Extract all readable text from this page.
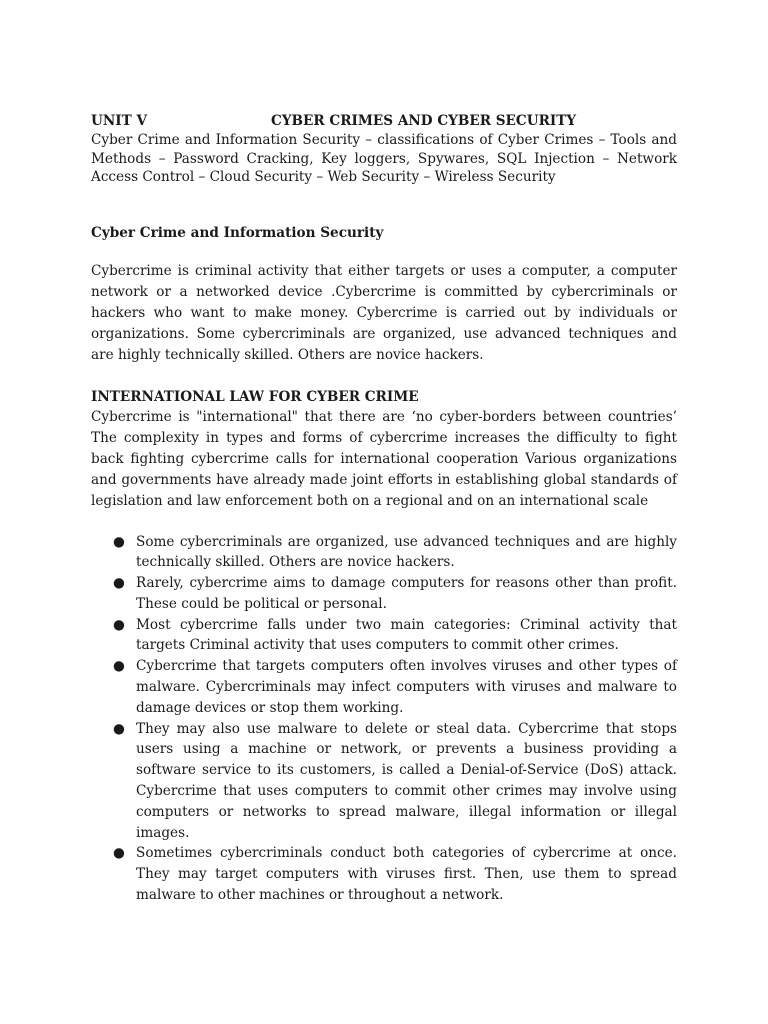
UNIT V	CYBER CRIMES AND CYBER SECURITY

Cyber Crime and Information Security – classifications of Cyber Crimes – Tools and Methods – Password Cracking, Key loggers, Spywares, SQL Injection – Network Access Control – Cloud Security – Web Security – Wireless Security

Cyber Crime and Information Security

Cybercrime is criminal activity that either targets or uses a computer, a computer network or a networked device .Cybercrime is committed by cybercriminals or hackers who want to make money. Cybercrime is carried out by individuals or organizations. Some cybercriminals are organized, use advanced techniques and are highly technically skilled. Others are novice hackers.

INTERNATIONAL LAW FOR CYBER CRIME

Cybercrime is "international" that there are ‘no cyber-borders between countries’ The complexity in types and forms of cybercrime increases the difficulty to fight back fighting cybercrime calls for international cooperation Various organizations and governments have already made joint efforts in establishing global standards of legislation and law enforcement both on a regional and on an international scale

● Some cybercriminals are organized, use advanced techniques and are highly technically skilled. Others are novice hackers.
● Rarely, cybercrime aims to damage computers for reasons other than profit. These could be political or personal.
● Most cybercrime falls under two main categories: Criminal activity that targets Criminal activity that uses computers to commit other crimes.
● Cybercrime that targets computers often involves viruses and other types of malware. Cybercriminals may infect computers with viruses and malware to damage devices or stop them working.
● They may also use malware to delete or steal data. Cybercrime that stops users using a machine or network, or prevents a business providing a software service to its customers, is called a Denial-of-Service (DoS) attack. Cybercrime that uses computers to commit other crimes may involve using computers or networks to spread malware, illegal information or illegal images.
● Sometimes cybercriminals conduct both categories of cybercrime at once. They may target computers with viruses first. Then, use them to spread malware to other machines or throughout a network.
